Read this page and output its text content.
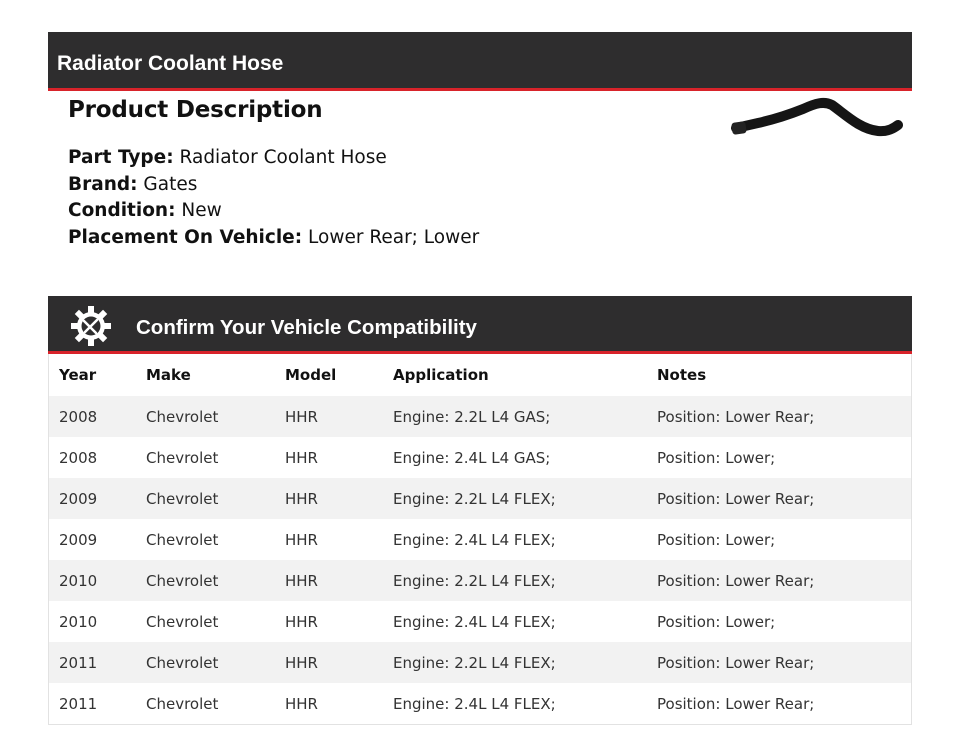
Radiator Coolant Hose
Product Description
Part Type: Radiator Coolant Hose
Brand: Gates
Condition: New
Placement On Vehicle: Lower Rear; Lower
Confirm Your Vehicle Compatibility
Year	Make	Model	Application	Notes
2008	Chevrolet	HHR	Engine: 2.2L L4 GAS;	Position: Lower Rear;
2008	Chevrolet	HHR	Engine: 2.4L L4 GAS;	Position: Lower;
2009	Chevrolet	HHR	Engine: 2.2L L4 FLEX;	Position: Lower Rear;
2009	Chevrolet	HHR	Engine: 2.4L L4 FLEX;	Position: Lower;
2010	Chevrolet	HHR	Engine: 2.2L L4 FLEX;	Position: Lower Rear;
2010	Chevrolet	HHR	Engine: 2.4L L4 FLEX;	Position: Lower;
2011	Chevrolet	HHR	Engine: 2.2L L4 FLEX;	Position: Lower Rear;
2011	Chevrolet	HHR	Engine: 2.4L L4 FLEX;	Position: Lower Rear;
